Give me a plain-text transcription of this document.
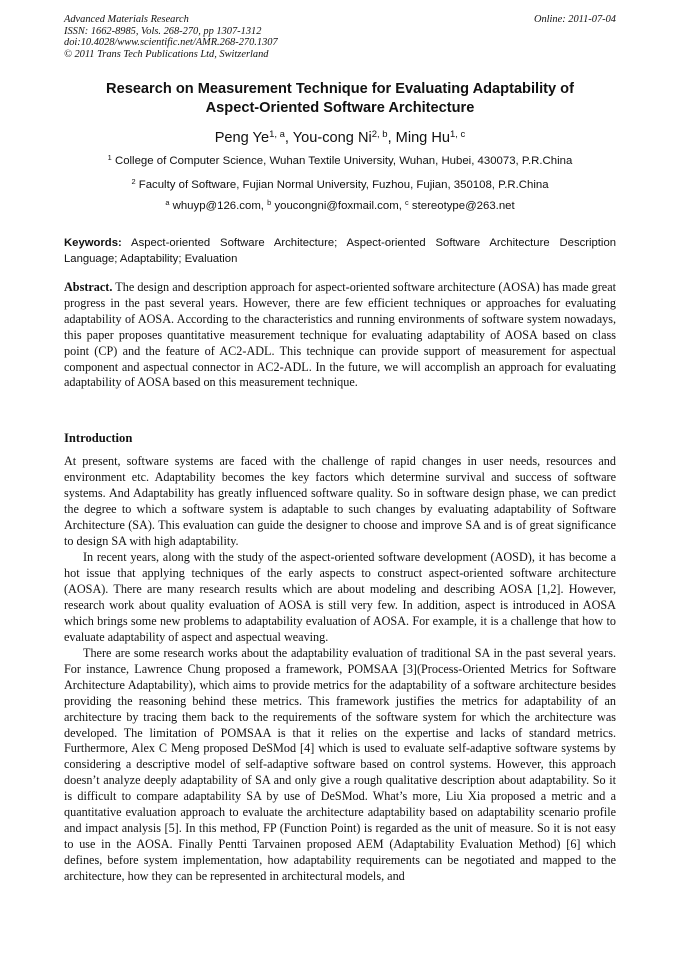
Advanced Materials Research
ISSN: 1662-8985, Vols. 268-270, pp 1307-1312
doi:10.4028/www.scientific.net/AMR.268-270.1307
© 2011 Trans Tech Publications Ltd, Switzerland
Online: 2011-07-04
Research on Measurement Technique for Evaluating Adaptability of
Aspect-Oriented Software Architecture
Peng Ye$^{1, a}$, You-cong Ni$^{2, b}$, Ming Hu$^{1, c}$
$^1$ College of Computer Science, Wuhan Textile University, Wuhan, Hubei, 430073, P.R.China
$^2$ Faculty of Software, Fujian Normal University, Fuzhou, Fujian, 350108, P.R.China
$^a$ whuyp@126.com, $^b$ youcongni@foxmail.com, $^c$ stereotype@263.net
Keywords: Aspect-oriented Software Architecture; Aspect-oriented Software Architecture Description Language; Adaptability; Evaluation
Abstract. The design and description approach for aspect-oriented software architecture (AOSA) has made great progress in the past several years. However, there are few efficient techniques or approaches for evaluating adaptability of AOSA. According to the characteristics and running environments of software system nowadays, this paper proposes quantitative measurement technique for evaluating adaptability of AOSA based on class point (CP) and the feature of AC2-ADL. This technique can provide support of measurement for aspectual component and aspectual connector in AC2-ADL. In the future, we will accomplish an approach for evaluating adaptability of AOSA based on this measurement technique.
Introduction
At present, software systems are faced with the challenge of rapid changes in user needs, resources and environment etc. Adaptability becomes the key factors which determine survival and success of software systems. And Adaptability has greatly influenced software quality. So in software design phase, we can predict the degree to which a software system is adaptable to such changes by evaluating adaptability of Software Architecture (SA). This evaluation can guide the designer to choose and improve SA and is of great significance to design SA with high adaptability.
In recent years, along with the study of the aspect-oriented software development (AOSD), it has become a hot issue that applying techniques of the early aspects to construct aspect-oriented software architecture (AOSA). There are many research results which are about modeling and describing AOSA [1,2]. However, research work about quality evaluation of AOSA is still very few. In addition, aspect is introduced in AOSA which brings some new problems to adaptability evaluation of AOSA. For example, it is a challenge that how to evaluate adaptability of aspect and aspectual weaving.
There are some research works about the adaptability evaluation of traditional SA in the past several years. For instance, Lawrence Chung proposed a framework, POMSAA [3](Process-Oriented Metrics for Software Architecture Adaptability), which aims to provide metrics for the adaptability of a software architecture besides providing the reasoning behind these metrics. This framework justifies the metrics for adaptability of an architecture by tracing them back to the requirements of the software system for which the architecture was developed. The limitation of POMSAA is that it relies on the expertise and lacks of standard metrics. Furthermore, Alex C Meng proposed DeSMod [4] which is used to evaluate self-adaptive software systems by considering a descriptive model of self-adaptive software based on control systems. However, this approach doesn’t analyze deeply adaptability of SA and only give a rough qualitative description about adaptability. So it is difficult to compare adaptability SA by use of DeSMod. What’s more, Liu Xia proposed a metric and a quantitative evaluation approach to evaluate the architecture adaptability based on adaptability scenario profile and impact analysis [5]. In this method, FP (Function Point) is regarded as the unit of measure. So it is not easy to use in the AOSA. Finally Pentti Tarvainen proposed AEM (Adaptability Evaluation Method) [6] which defines, before system implementation, how adaptability requirements can be negotiated and mapped to the architecture, how they can be represented in architectural models, and
